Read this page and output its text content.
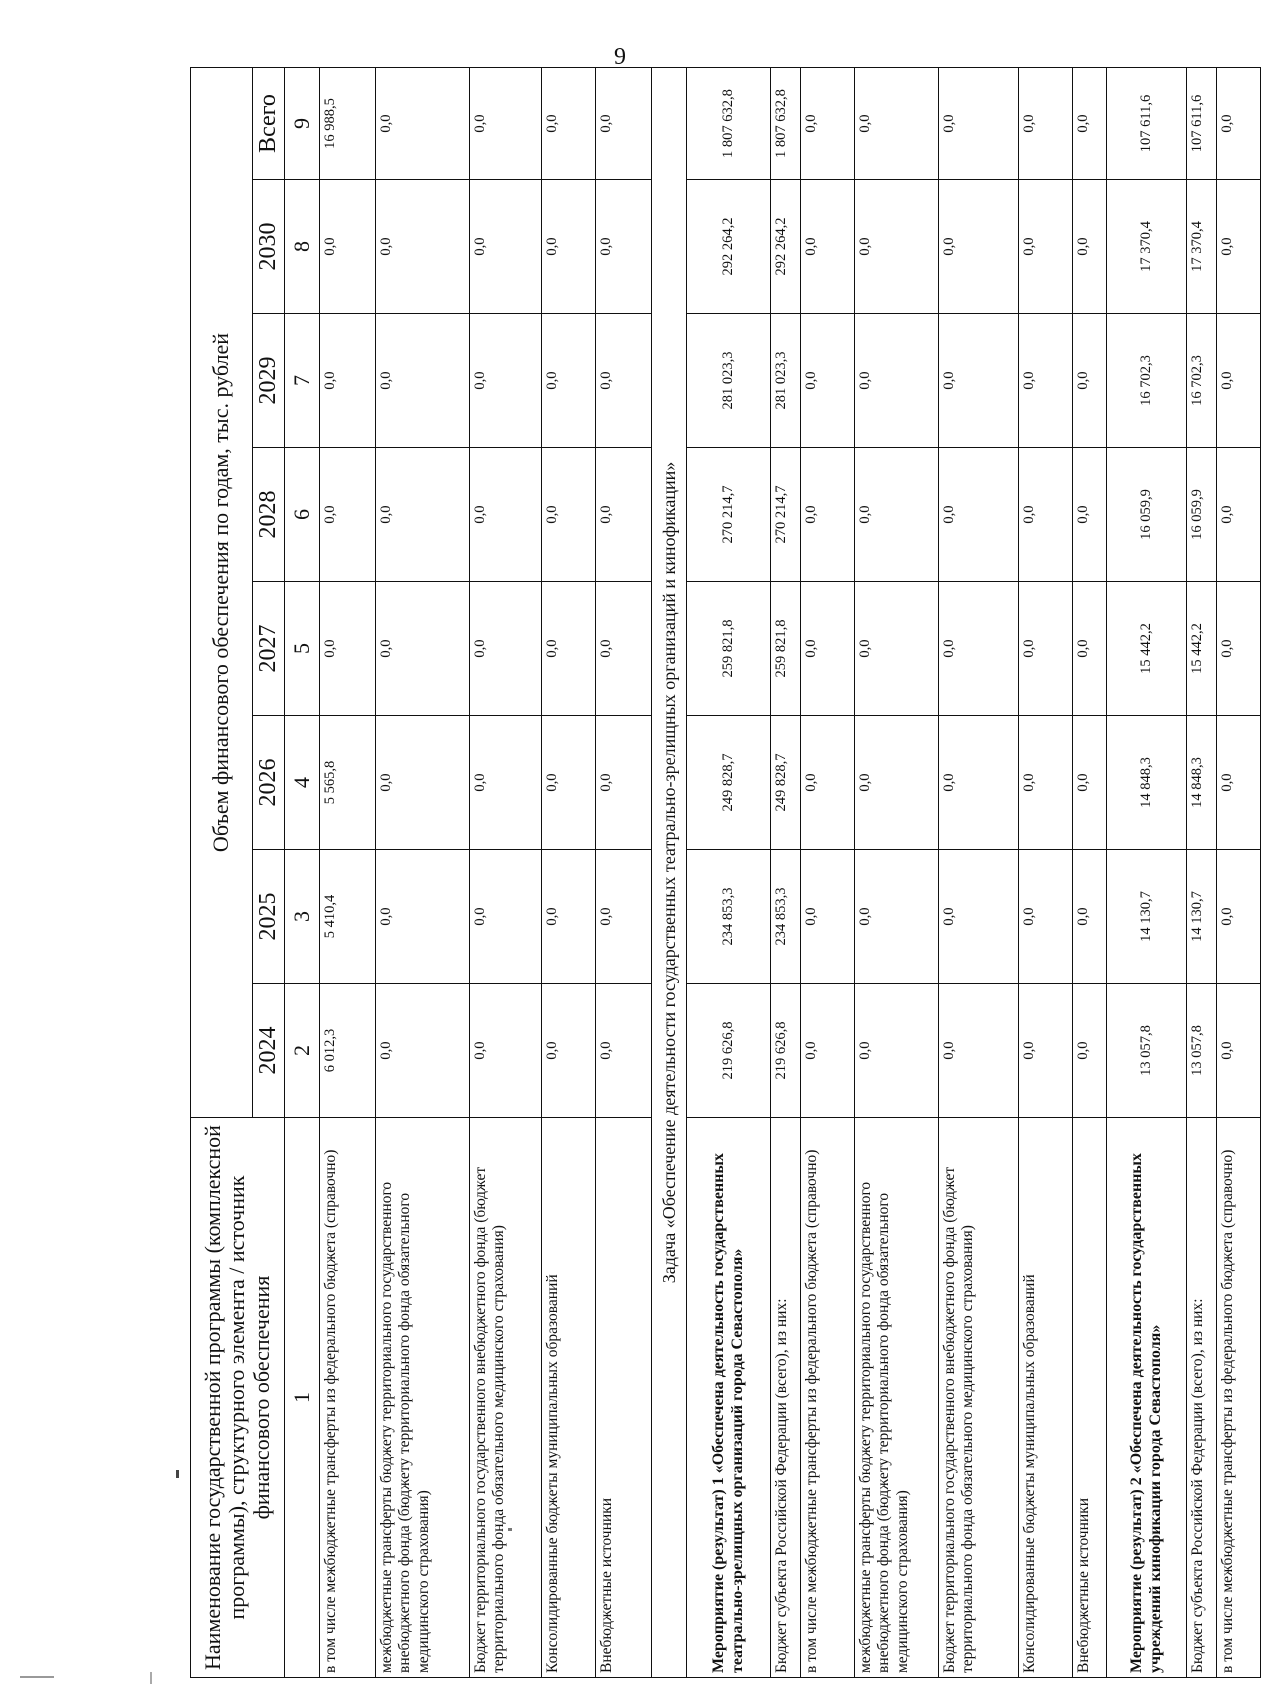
9
Наименование государственной программы (комплексной программы), структурного элемента / источник финансового обеспечения	Объем финансового обеспечения по годам, тыс. рублей							
	2024	2025	2026	2027	2028	2029	2030	Всего
1	2	3	4	5	6	7	8	9
в том числе межбюджетные трансферты из федерального бюджета (справочно)	6 012,3	5 410,4	5 565,8	0,0	0,0	0,0	0,0	16 988,5
межбюджетные трансферты бюджету территориального государственного внебюджетного фонда (бюджету территориального фонда обязательного медицинского страхования)	0,0	0,0	0,0	0,0	0,0	0,0	0,0	0,0
Бюджет территориального государственного внебюджетного фонда (бюджет территориального фонда обязательного медицинского страхования)	0,0	0,0	0,0	0,0	0,0	0,0	0,0	0,0
Консолидированные бюджеты муниципальных образований	0,0	0,0	0,0	0,0	0,0	0,0	0,0	0,0
Внебюджетные источники	0,0	0,0	0,0	0,0	0,0	0,0	0,0	0,0
Задача «Обеспечение деятельности государственных театрально-зрелищных организаций и кинофикации»								
Мероприятие (результат) 1 «Обеспечена деятельность государственных театрально-зрелищных организаций города Севастополя»	219 626,8	234 853,3	249 828,7	259 821,8	270 214,7	281 023,3	292 264,2	1 807 632,8
Бюджет субъекта Российской Федерации (всего), из них:	219 626,8	234 853,3	249 828,7	259 821,8	270 214,7	281 023,3	292 264,2	1 807 632,8
в том числе межбюджетные трансферты из федерального бюджета (справочно)	0,0	0,0	0,0	0,0	0,0	0,0	0,0	0,0
межбюджетные трансферты бюджету территориального государственного внебюджетного фонда (бюджету территориального фонда обязательного медицинского страхования)	0,0	0,0	0,0	0,0	0,0	0,0	0,0	0,0
Бюджет территориального государственного внебюджетного фонда (бюджет территориального фонда обязательного медицинского страхования)	0,0	0,0	0,0	0,0	0,0	0,0	0,0	0,0
Консолидированные бюджеты муниципальных образований	0,0	0,0	0,0	0,0	0,0	0,0	0,0	0,0
Внебюджетные источники	0,0	0,0	0,0	0,0	0,0	0,0	0,0	0,0
Мероприятие (результат) 2 «Обеспечена деятельность государственных учреждений кинофикации города Севастополя»	13 057,8	14 130,7	14 848,3	15 442,2	16 059,9	16 702,3	17 370,4	107 611,6
Бюджет субъекта Российской Федерации (всего), из них:	13 057,8	14 130,7	14 848,3	15 442,2	16 059,9	16 702,3	17 370,4	107 611,6
в том числе межбюджетные трансферты из федерального бюджета (справочно)	0,0	0,0	0,0	0,0	0,0	0,0	0,0	0,0
